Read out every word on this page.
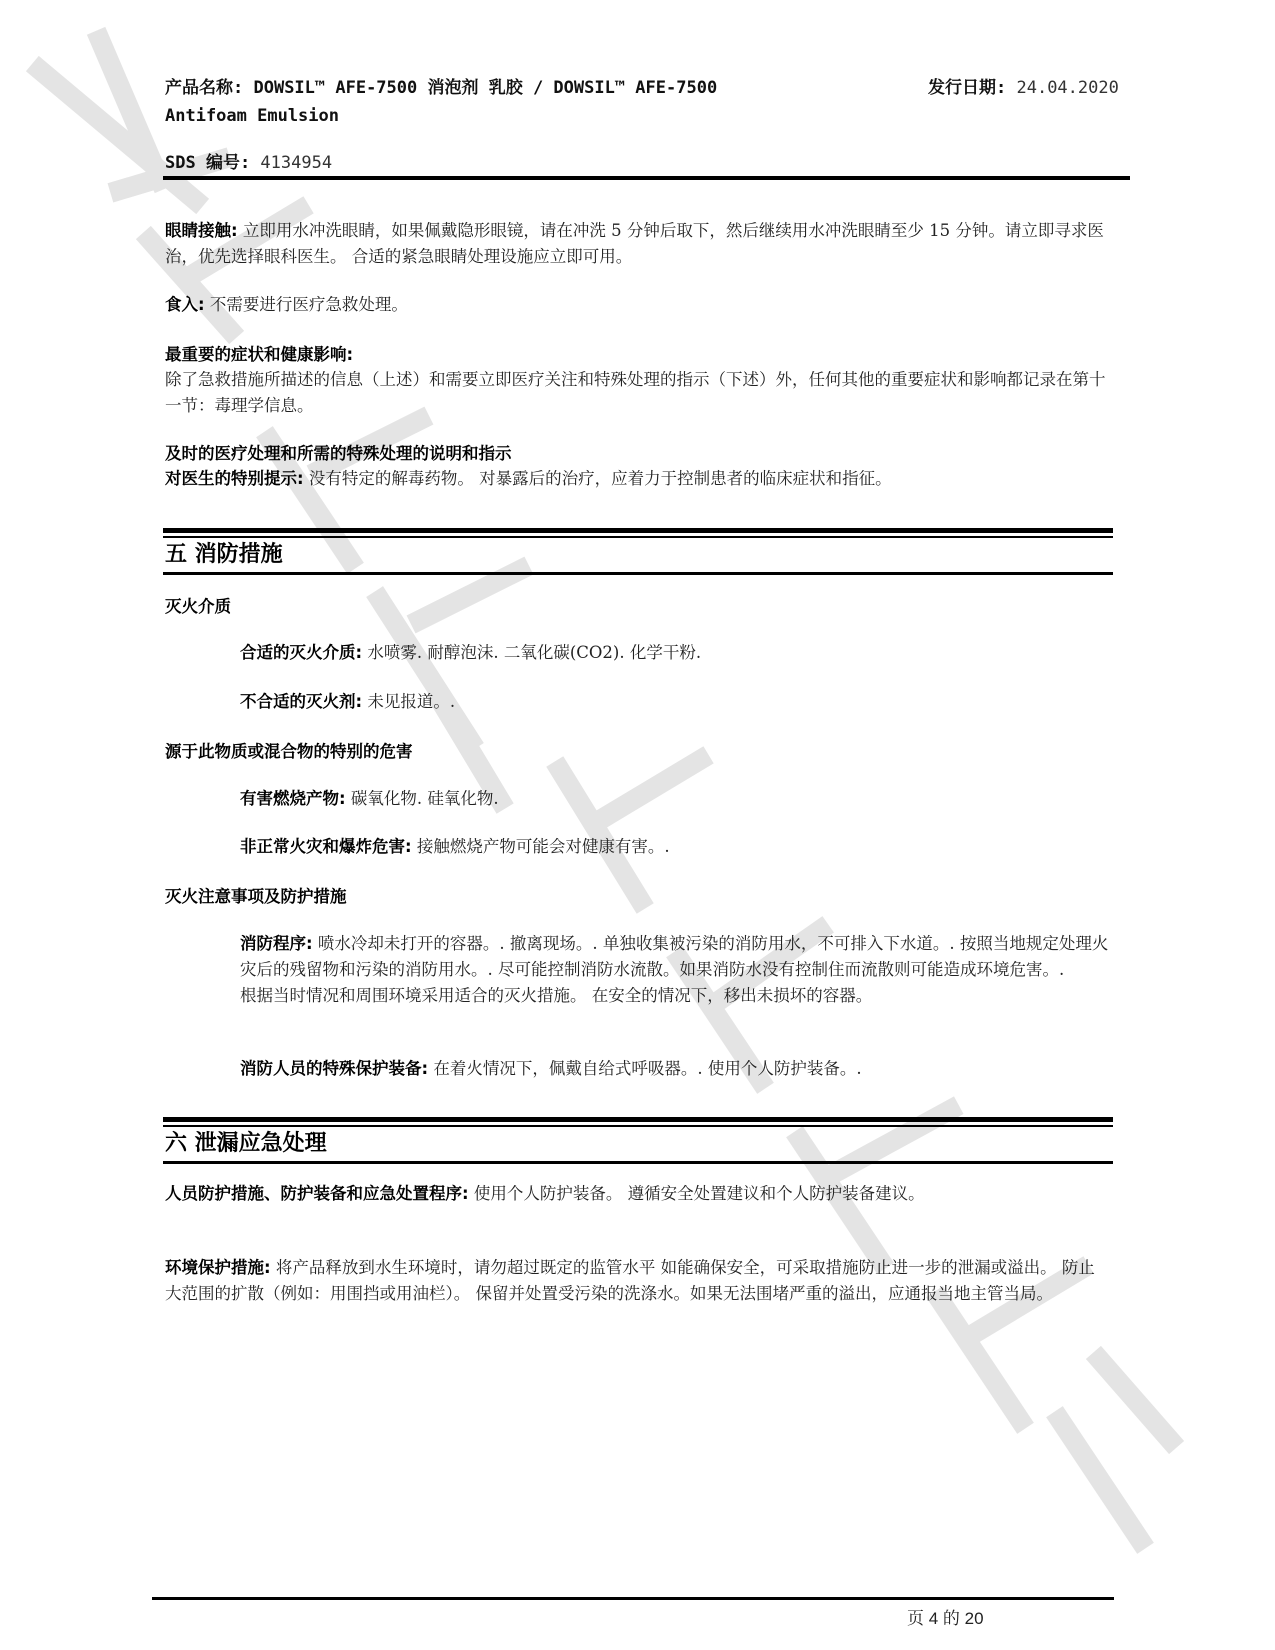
产品名称: DOWSIL™ AFE-7500 消泡剂 乳胶 / DOWSIL™ AFE-7500 Antifoam Emulsion
发行日期: 24.04.2020
SDS 编号: 4134954
眼睛接触: 立即用水冲洗眼睛，如果佩戴隐形眼镜，请在冲洗 5 分钟后取下，然后继续用水冲洗眼睛至少 15 分钟。请立即寻求医治，优先选择眼科医生。 合适的紧急眼睛处理设施应立即可用。
食入: 不需要进行医疗急救处理。
最重要的症状和健康影响:
除了急救措施所描述的信息（上述）和需要立即医疗关注和特殊处理的指示（下述）外，任何其他的重要症状和影响都记录在第十一节：毒理学信息。
及时的医疗处理和所需的特殊处理的说明和指示
对医生的特别提示: 没有特定的解毒药物。 对暴露后的治疗，应着力于控制患者的临床症状和指征。
五 消防措施
灭火介质
合适的灭火介质: 水喷雾. 耐醇泡沫. 二氧化碳(CO2). 化学干粉.
不合适的灭火剂: 未见报道。.
源于此物质或混合物的特别的危害
有害燃烧产物: 碳氧化物. 硅氧化物.
非正常火灾和爆炸危害: 接触燃烧产物可能会对健康有害。.
灭火注意事项及防护措施
消防程序: 喷水冷却未打开的容器。. 撤离现场。. 单独收集被污染的消防用水，不可排入下水道。. 按照当地规定处理火灾后的残留物和污染的消防用水。. 尽可能控制消防水流散。如果消防水没有控制住而流散则可能造成环境危害。.
根据当时情况和周围环境采用适合的灭火措施。 在安全的情况下，移出未损坏的容器。
消防人员的特殊保护装备: 在着火情况下，佩戴自给式呼吸器。. 使用个人防护装备。.
六 泄漏应急处理
人员防护措施、防护装备和应急处置程序: 使用个人防护装备。 遵循安全处置建议和个人防护装备建议。
环境保护措施: 将产品释放到水生环境时，请勿超过既定的监管水平 如能确保安全，可采取措施防止进一步的泄漏或溢出。 防止大范围的扩散（例如：用围挡或用油栏）。 保留并处置受污染的洗涤水。如果无法围堵严重的溢出，应通报当地主管当局。
页 4 的 20
